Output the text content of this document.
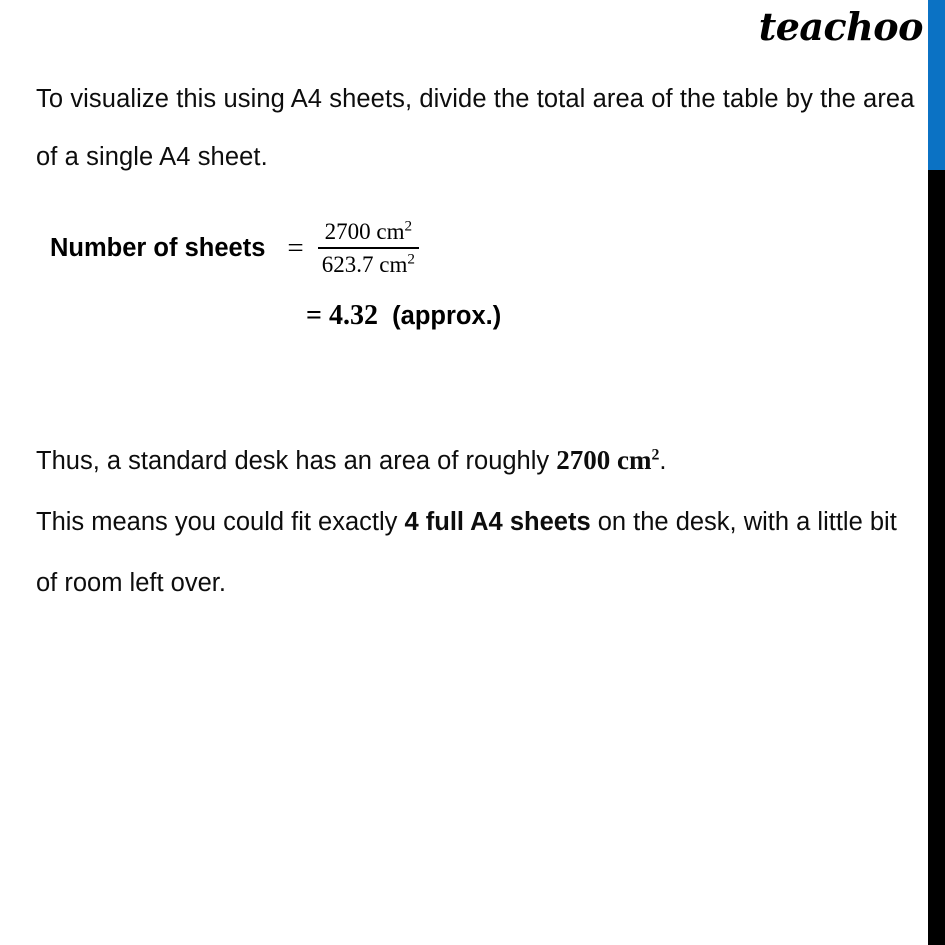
teachoo

To visualize this using A4 sheets, divide the total area of the table by the area of a single A4 sheet.

Number of sheets = $\frac{2700 cm^2}{623.7 cm^2}$
= 4.32 (approx.)

Thus, a standard desk has an area of roughly 2700 $cm^2$.

This means you could fit exactly 4 full A4 sheets on the desk, with a little bit of room left over.
